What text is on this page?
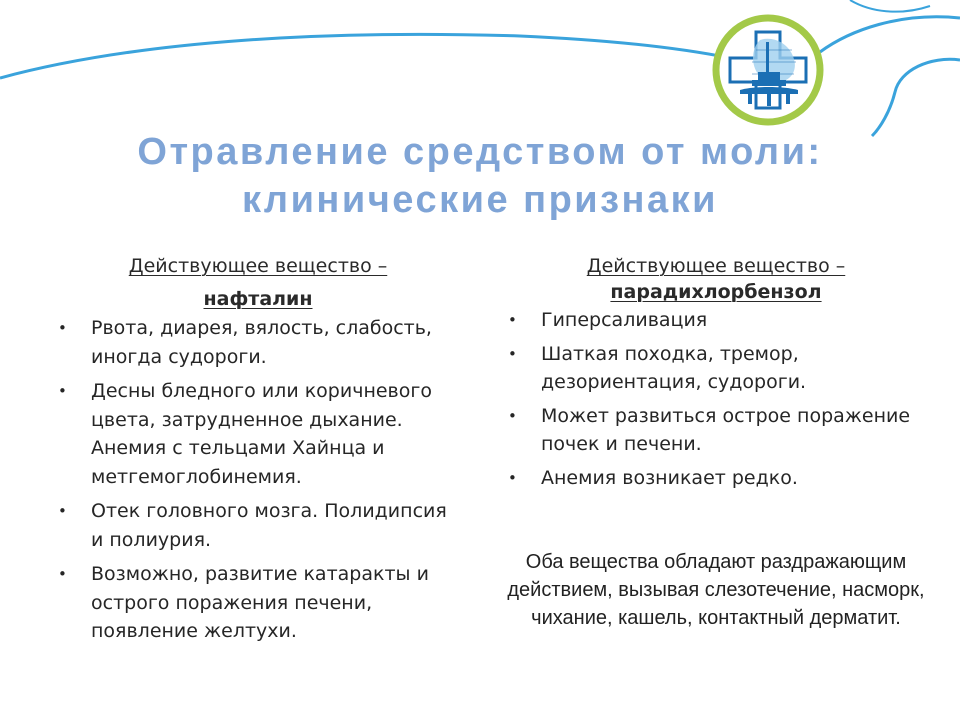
Отравление средством от моли:
клинические признаки
Действующее вещество –
нафталин
• Рвота, диарея, вялость, слабость, иногда судороги.
• Десны бледного или коричневого цвета, затрудненное дыхание. Анемия с тельцами Хайнца и метгемоглобинемия.
• Отек головного мозга. Полидипсия и полиурия.
• Возможно, развитие катаракты и острого поражения печени, появление желтухи.
Действующее вещество –
парадихлорбензол
• Гиперсаливация
• Шаткая походка, тремор, дезориентация, судороги.
• Может развиться острое поражение почек и печени.
• Анемия возникает редко.

Оба вещества обладают раздражающим действием, вызывая слезотечение, насморк, чихание, кашель, контактный дерматит.
